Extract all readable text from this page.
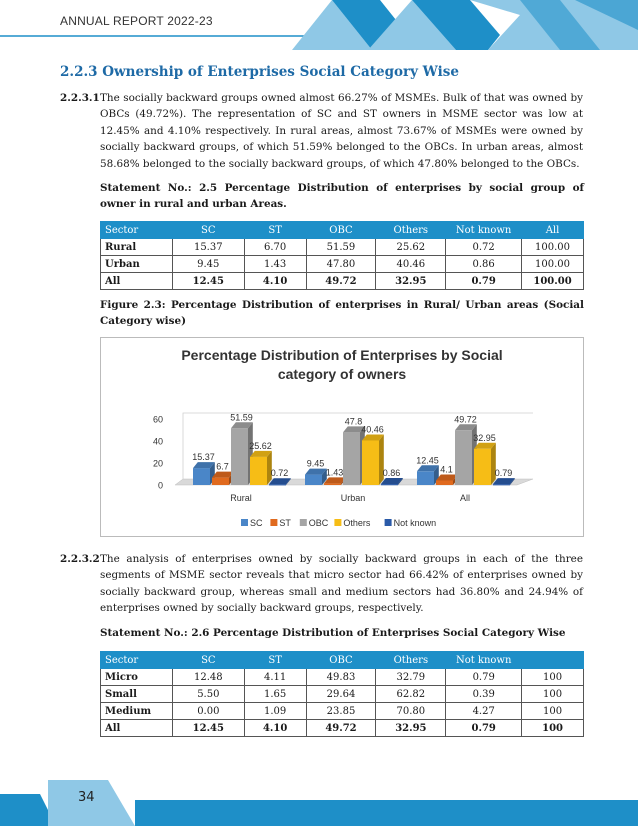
ANNUAL REPORT 2022-23
2.2.3 Ownership of Enterprises Social Category Wise
2.2.3.1 The socially backward groups owned almost 66.27% of MSMEs. Bulk of that was owned by OBCs (49.72%). The representation of SC and ST owners in MSME sector was low at 12.45% and 4.10% respectively. In rural areas, almost 73.67% of MSMEs were owned by socially backward groups, of which 51.59% belonged to the OBCs. In urban areas, almost 58.68% belonged to the socially backward groups, of which 47.80% belonged to the OBCs.
Statement No.: 2.5 Percentage Distribution of enterprises by social group of owner in rural and urban Areas.
Sector	SC	ST	OBC	Others	Not known	All
Rural	15.37	6.70	51.59	25.62	0.72	100.00
Urban	9.45	1.43	47.80	40.46	0.86	100.00
All	12.45	4.10	49.72	32.95	0.79	100.00
Figure 2.3: Percentage Distribution of enterprises in Rural/ Urban areas (Social Category wise)
Percentage Distribution of Enterprises by Social
category of owners
0
20
40
60
15.37
6.7
51.59
25.62
0.72
Rural
9.45
1.43
47.8
40.46
0.86
Urban
12.45
4.1
49.72
32.95
0.79
All
SC ST OBC Others	Not known
2.2.3.2 The analysis of enterprises owned by socially backward groups in each of the three segments of MSME sector reveals that micro sector had 66.42% of enterprises owned by socially backward group, whereas small and medium sectors had 36.80% and 24.94% of enterprises owned by socially backward groups, respectively.
Statement No.: 2.6 Percentage Distribution of Enterprises Social Category Wise
Sector	SC	ST	OBC	Others	Not known	
Micro	12.48	4.11	49.83	32.79	0.79	100
Small	5.50	1.65	29.64	62.82	0.39	100
Medium	0.00	1.09	23.85	70.80	4.27	100
All	12.45	4.10	49.72	32.95	0.79	100
34
